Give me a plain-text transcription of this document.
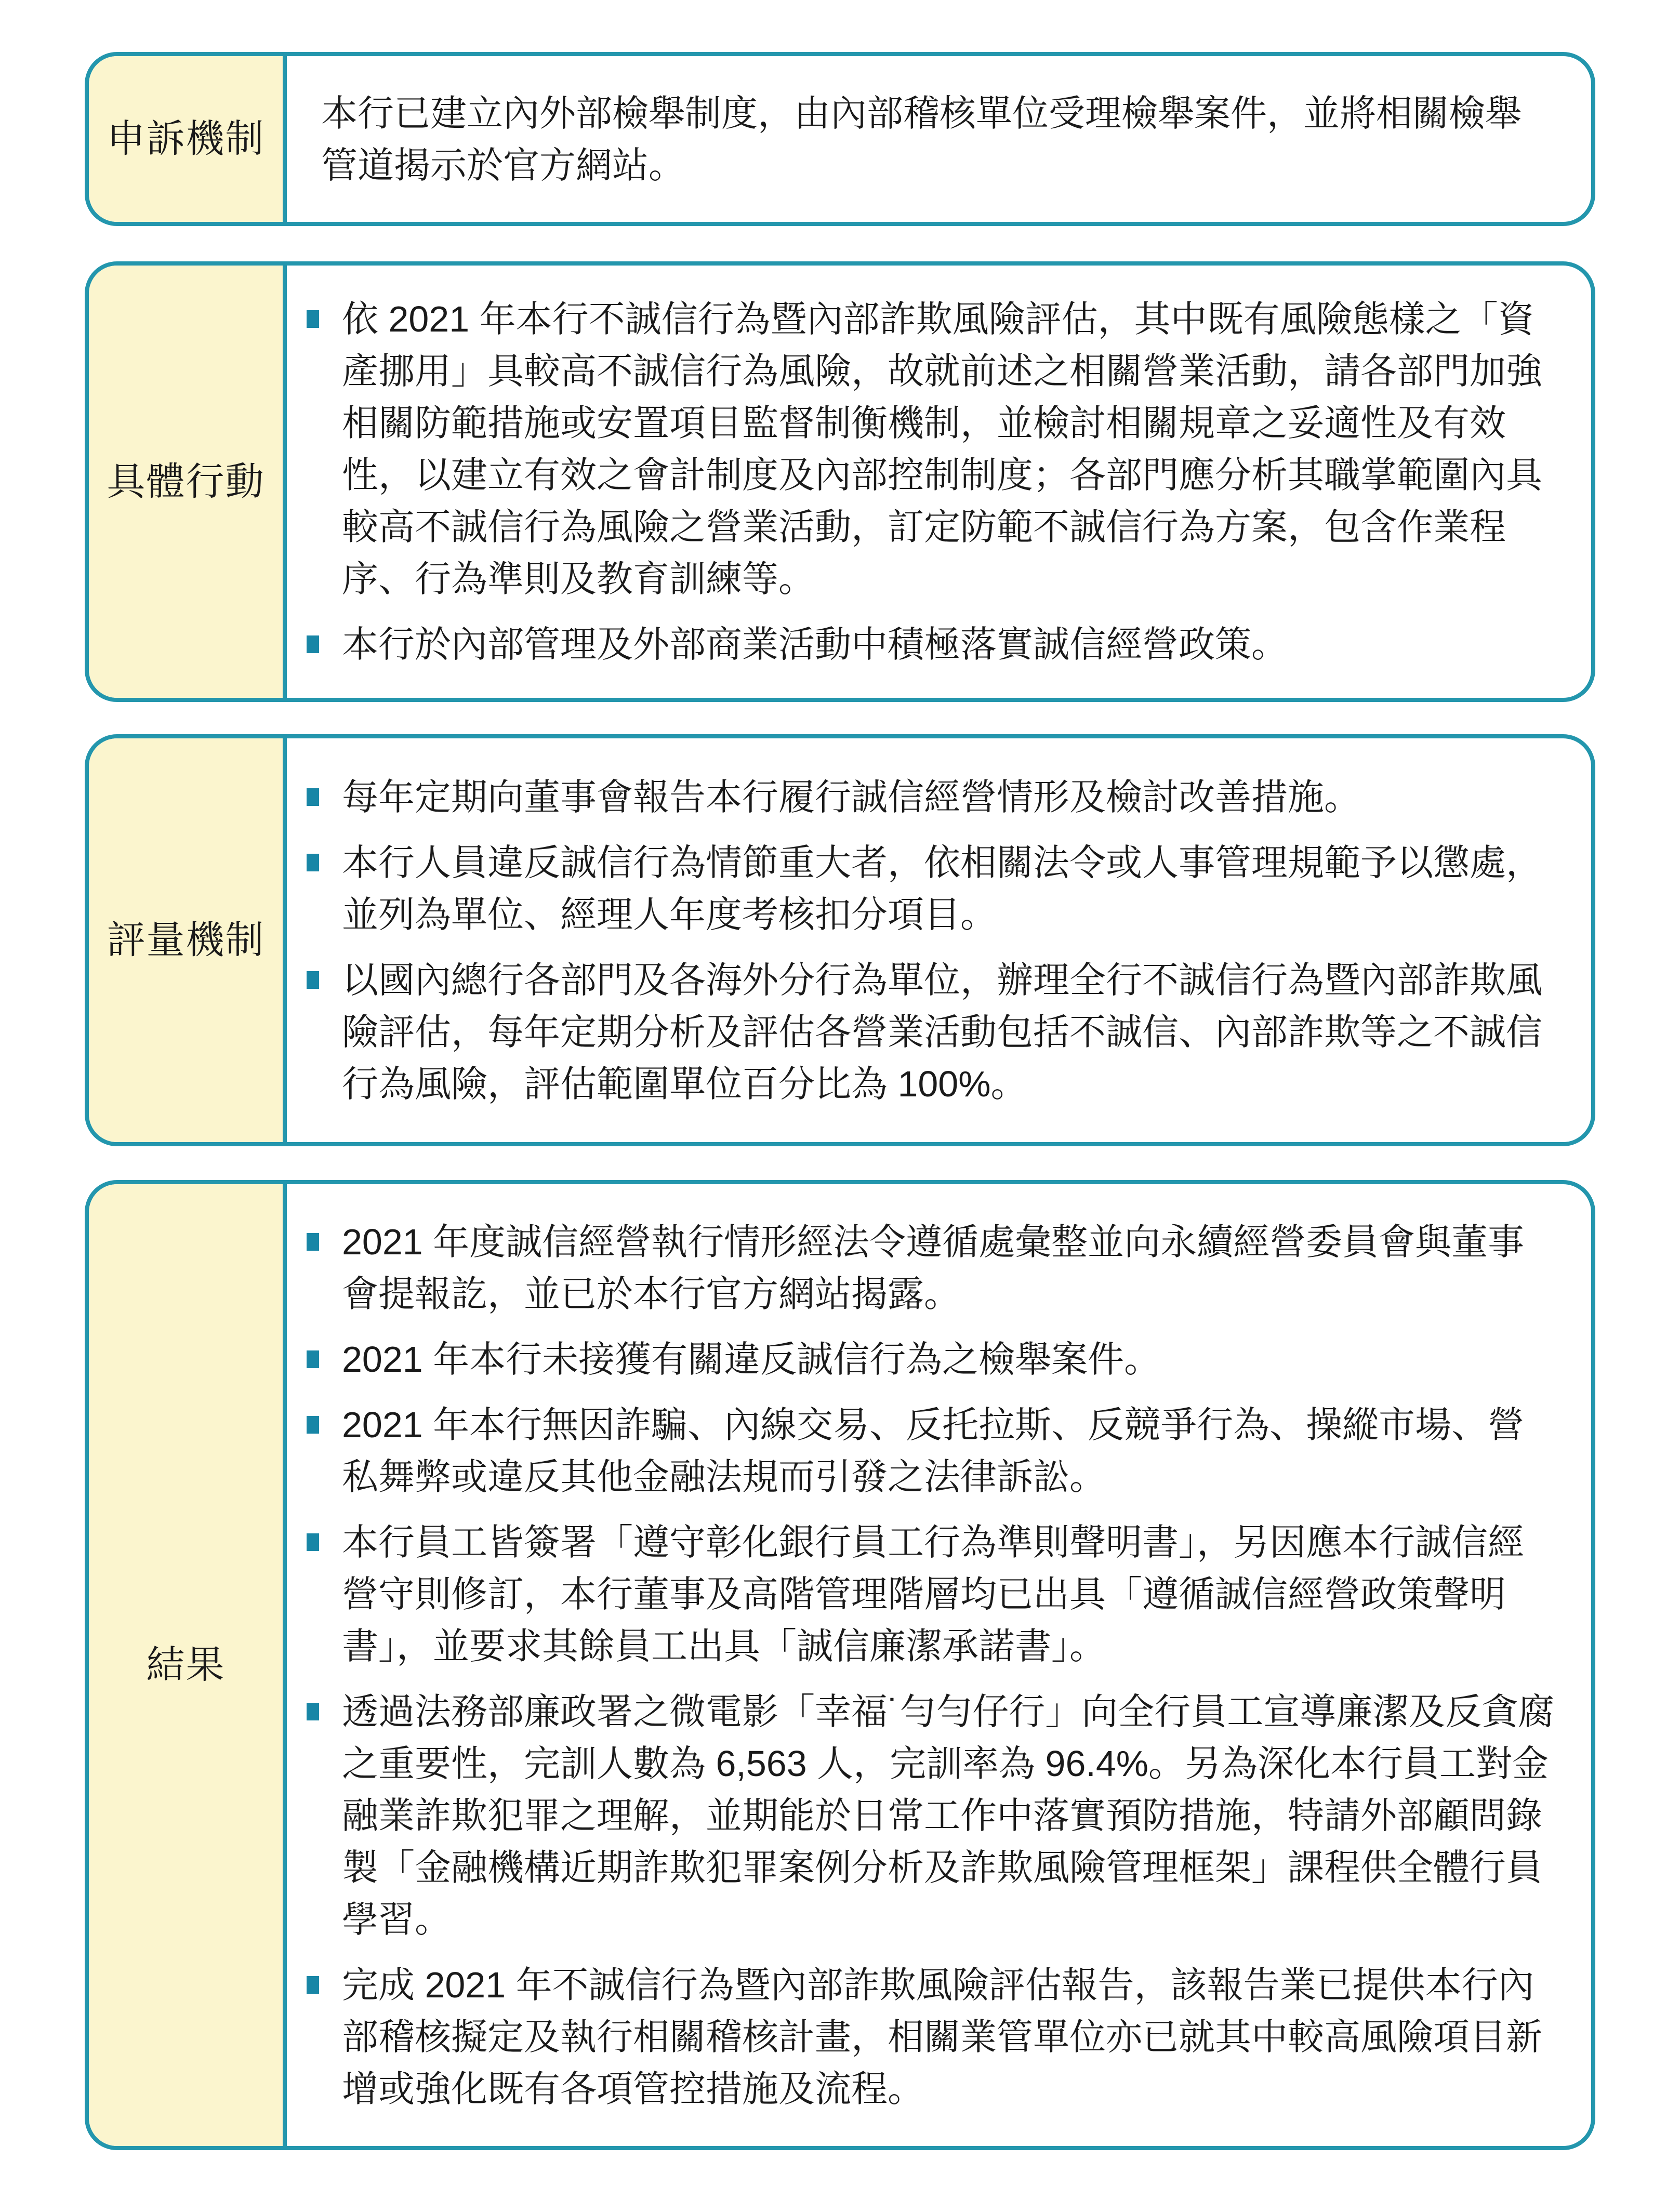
申訴機制

本行已建立內外部檢舉制度，由內部稽核單位受理檢舉案件，並將相關檢舉管道揭示於官方網站。

具體行動

依 2021 年本行不誠信行為暨內部詐欺風險評估，其中既有風險態樣之「資產挪用」具較高不誠信行為風險，故就前述之相關營業活動，請各部門加強相關防範措施或安置項目監督制衡機制，並檢討相關規章之妥適性及有效性，以建立有效之會計制度及內部控制制度；各部門應分析其職掌範圍內具較高不誠信行為風險之營業活動，訂定防範不誠信行為方案，包含作業程序、行為準則及教育訓練等。

本行於內部管理及外部商業活動中積極落實誠信經營政策。

評量機制

每年定期向董事會報告本行履行誠信經營情形及檢討改善措施。

本行人員違反誠信行為情節重大者，依相關法令或人事管理規範予以懲處，並列為單位、經理人年度考核扣分項目。

以國內總行各部門及各海外分行為單位，辦理全行不誠信行為暨內部詐欺風險評估，每年定期分析及評估各營業活動包括不誠信、內部詐欺等之不誠信行為風險，評估範圍單位百分比為 100%。

結果

2021 年度誠信經營執行情形經法令遵循處彙整並向永續經營委員會與董事會提報訖，並已於本行官方網站揭露。

2021 年本行未接獲有關違反誠信行為之檢舉案件。

2021 年本行無因詐騙、內線交易、反托拉斯、反競爭行為、操縱市場、營私舞弊或違反其他金融法規而引發之法律訴訟。

本行員工皆簽署「遵守彰化銀行員工行為準則聲明書」，另因應本行誠信經營守則修訂，本行董事及高階管理階層均已出具「遵循誠信經營政策聲明書」，並要求其餘員工出具「誠信廉潔承諾書」。

透過法務部廉政署之微電影「幸福˙勻勻仔行」向全行員工宣導廉潔及反貪腐之重要性，完訓人數為 6,563 人，完訓率為 96.4%。另為深化本行員工對金融業詐欺犯罪之理解，並期能於日常工作中落實預防措施，特請外部顧問錄製「金融機構近期詐欺犯罪案例分析及詐欺風險管理框架」課程供全體行員學習。

完成 2021 年不誠信行為暨內部詐欺風險評估報告，該報告業已提供本行內部稽核擬定及執行相關稽核計畫，相關業管單位亦已就其中較高風險項目新增或強化既有各項管控措施及流程。
